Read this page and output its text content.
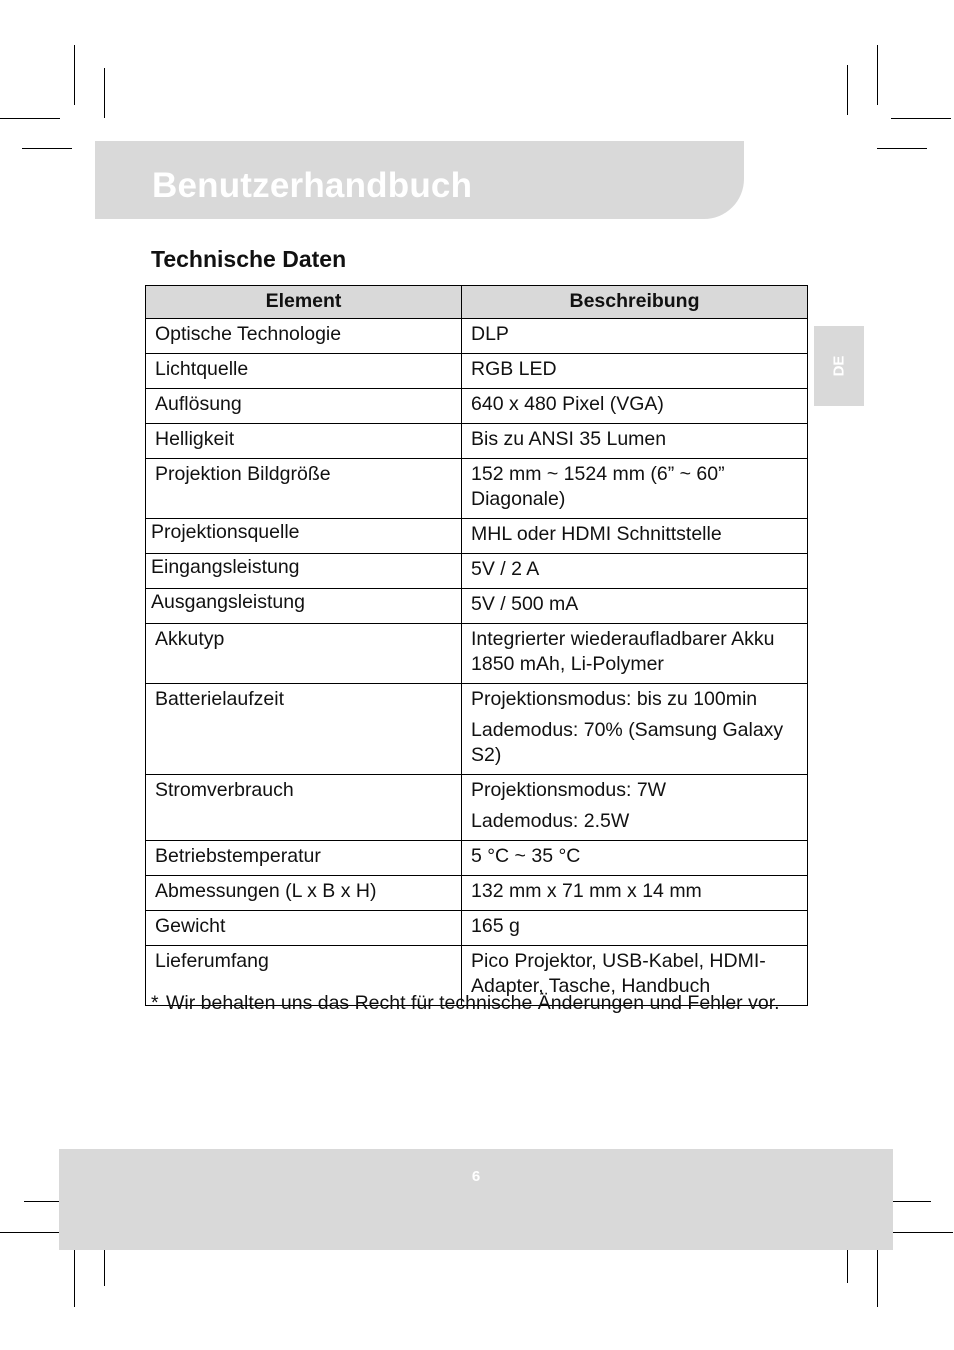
Benutzerhandbuch
DE
Technische Daten
Element	Beschreibung
Optische Technologie	DLP
Lichtquelle	RGB LED
Auflösung	640 x 480 Pixel (VGA)
Helligkeit	Bis zu ANSI 35 Lumen
Projektion Bildgröße	152 mm ~ 1524 mm (6” ~ 60” Diagonale)
Projektionsquelle	MHL oder HDMI Schnittstelle
Eingangsleistung	5V / 2 A
Ausgangsleistung	5V / 500 mA
Akkutyp	Integrierter wiederaufladbarer Akku 1850 mAh, Li-Polymer
Batterielaufzeit	Projektionsmodus: bis zu 100min
Lademodus: 70% (Samsung Galaxy S2)

Stromverbrauch	Projektionsmodus: 7W
Lademodus: 2.5W

Betriebstemperatur	5 °C ~ 35 °C
Abmessungen (L x B x H)	132 mm x 71 mm x 14 mm
Gewicht	165 g
Lieferumfang	Pico Projektor, USB-Kabel, HDMI-Adapter, Tasche, Handbuch
* Wir behalten uns das Recht für technische Änderungen und Fehler vor.
6
